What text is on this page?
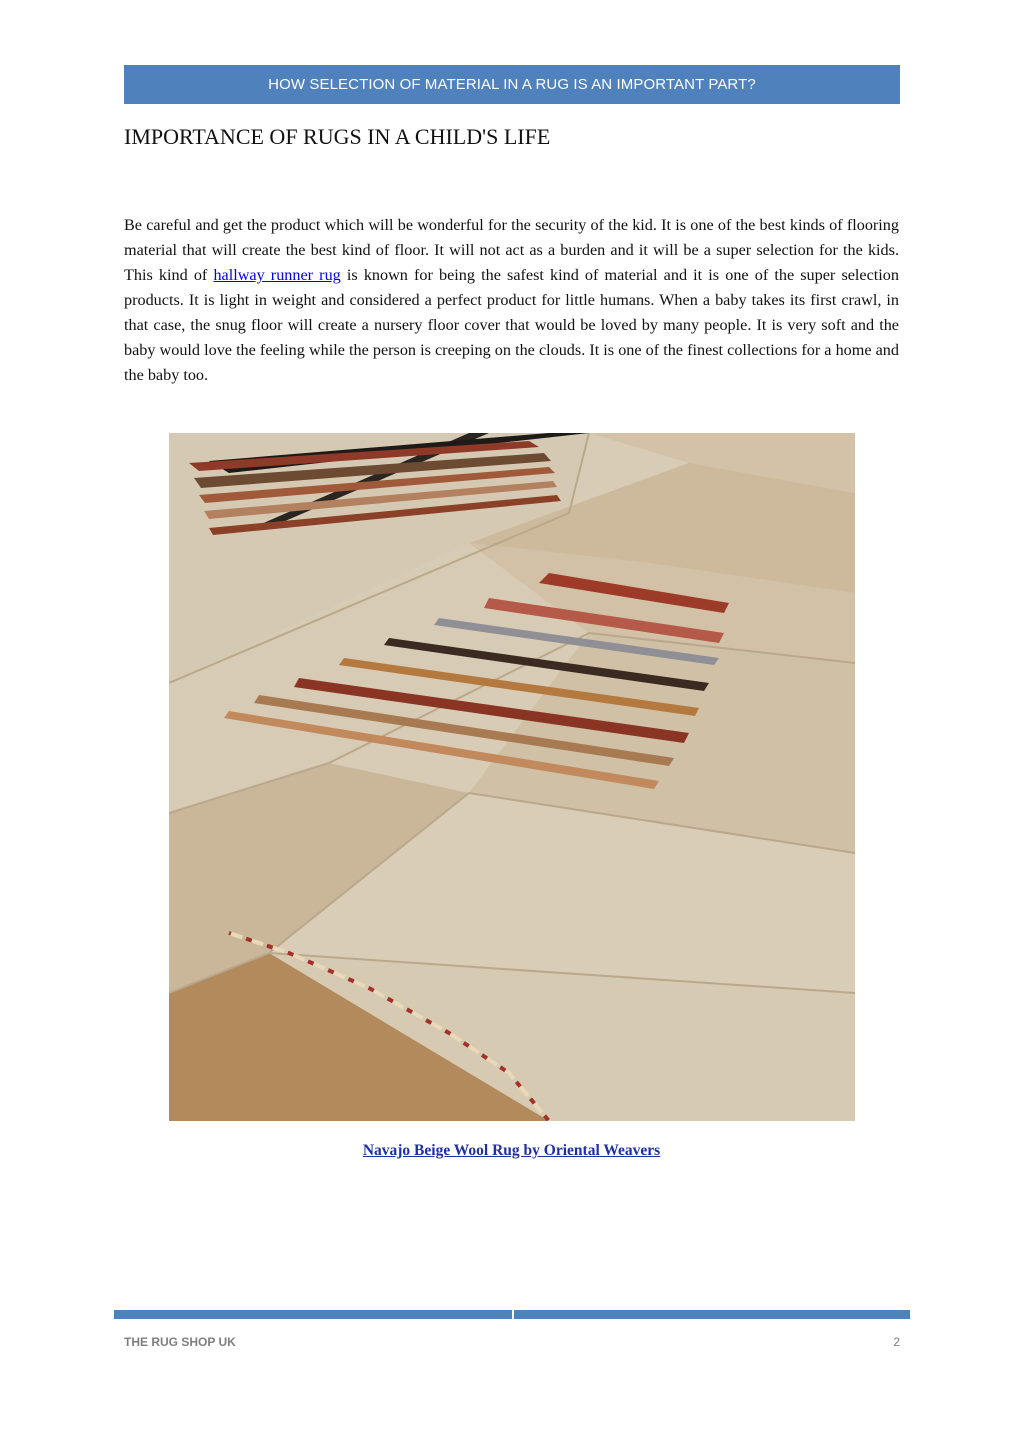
HOW SELECTION OF MATERIAL IN A RUG IS AN IMPORTANT PART?
IMPORTANCE OF RUGS IN A CHILD'S LIFE

Be careful and get the product which will be wonderful for the security of the kid. It is one of the best kinds of flooring material that will create the best kind of floor. It will not act as a burden and it will be a super selection for the kids. This kind of hallway runner rug is known for being the safest kind of material and it is one of the super selection products. It is light in weight and considered a perfect product for little humans. When a baby takes its first crawl, in that case, the snug floor will create a nursery floor cover that would be loved by many people. It is very soft and the baby would love the feeling while the person is creeping on the clouds. It is one of the finest collections for a home and the baby too.

Navajo Beige Wool Rug by Oriental Weavers
THE RUG SHOP UK	2
